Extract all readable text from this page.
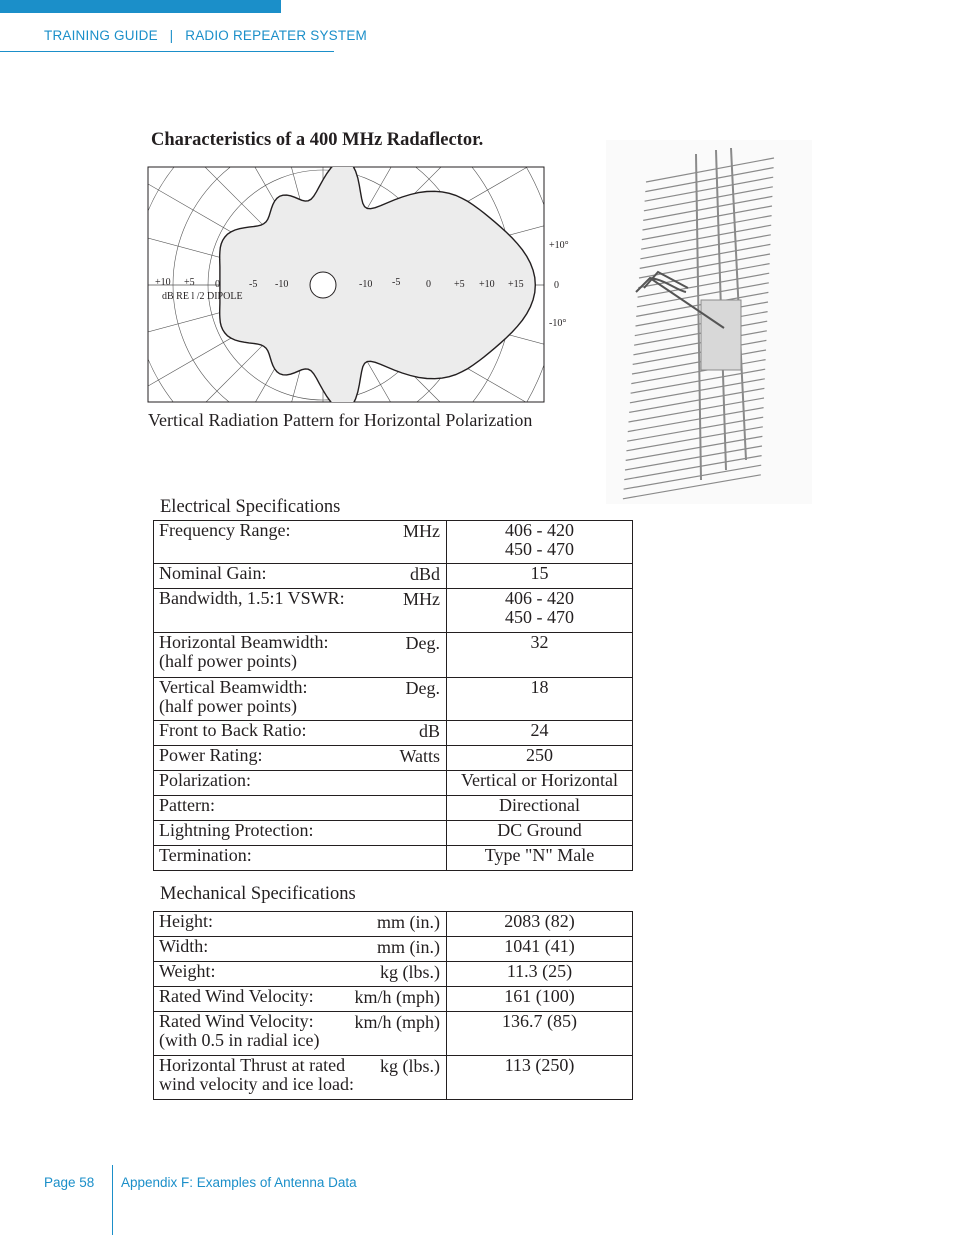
TRAINING GUIDE | RADIO REPEATER SYSTEM
Characteristics of a 400 MHz Radaflector.
+10 +5 0	-5 -10	-10 -5	0 +5 +10 +15
dB RE l /2 DIPOLE
+10°
0
-10°
Vertical Radiation Pattern for Horizontal Polarization
Electrical Specifications
Frequency Range: MHz	406 - 420
450 - 470

Nominal Gain: dBd	15

Bandwidth, 1.5:1 VSWR: MHz	406 - 420
450 - 470

Horizontal Beamwidth:
(half power points)
Deg.	32

Vertical Beamwidth:
(half power points)
Deg.	18

Front to Back Ratio: dB	24

Power Rating: Watts	250

Polarization:	Vertical or Horizontal

Pattern:	Directional

Lightning Protection:	DC Ground

Termination:	Type "N" Male
Mechanical Specifications
Height: mm (in.)	2083 (82)

Width: mm (in.)	1041 (41)

Weight: kg (lbs.)	11.3 (25)

Rated Wind Velocity: km/h (mph)	161 (100)

Rated Wind Velocity:
(with 0.5 in radial ice)
km/h (mph)	136.7 (85)

Horizontal Thrust at rated
wind velocity and ice load:
kg (lbs.)	113 (250)
Page 58 Appendix F: Examples of Antenna Data
